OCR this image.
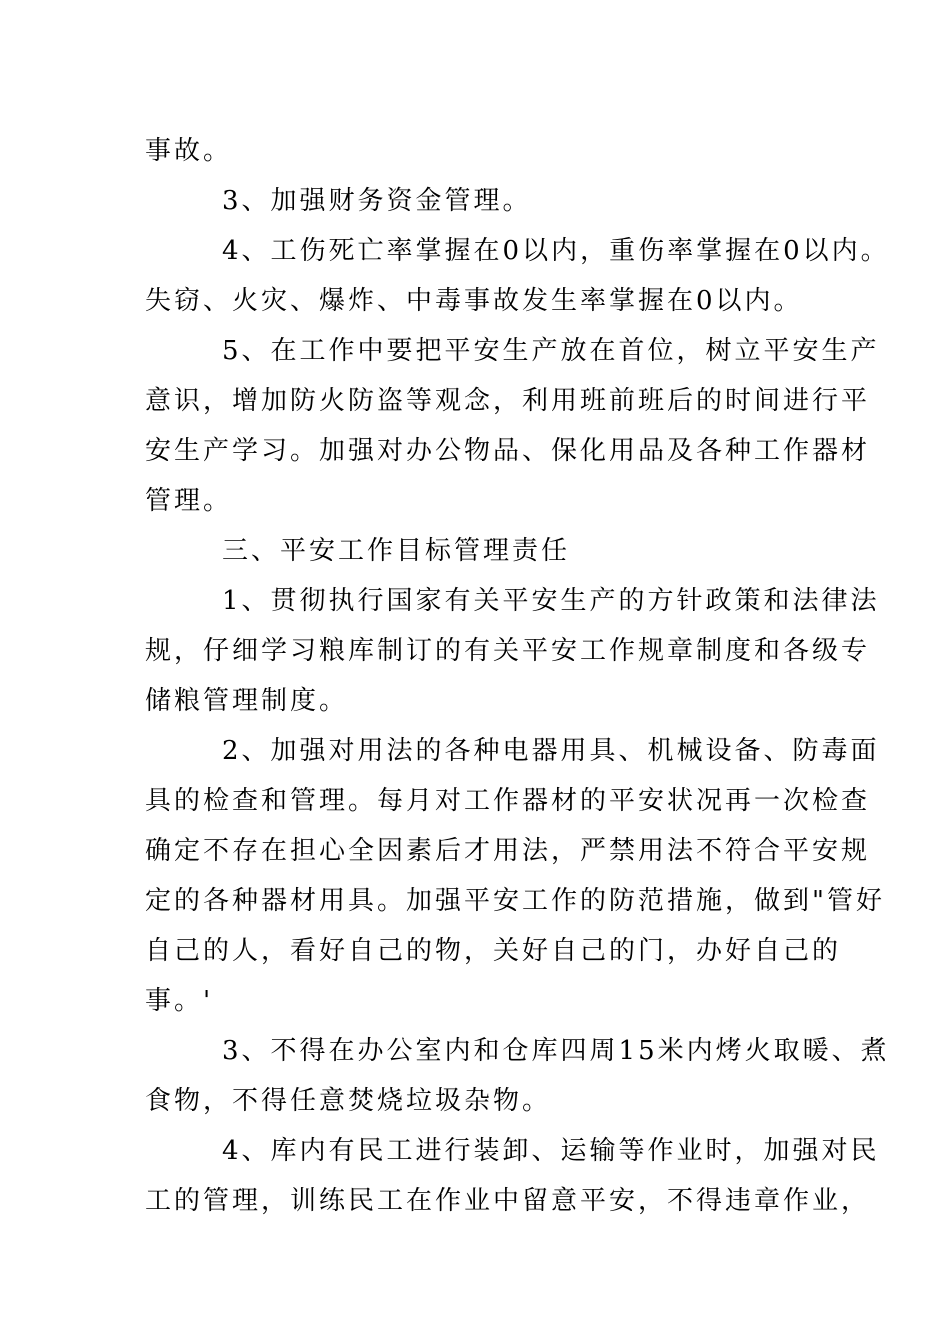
事故。
3、加强财务资金管理。
4、工伤死亡率掌握在0以内，重伤率掌握在0以内。
失窃、火灾、爆炸、中毒事故发生率掌握在0以内。
5、在工作中要把平安生产放在首位，树立平安生产
意识，增加防火防盗等观念，利用班前班后的时间进行平
安生产学习。加强对办公物品、保化用品及各种工作器材
管理。
三、平安工作目标管理责任
1、贯彻执行国家有关平安生产的方针政策和法律法
规，仔细学习粮库制订的有关平安工作规章制度和各级专
储粮管理制度。
2、加强对用法的各种电器用具、机械设备、防毒面
具的检查和管理。每月对工作器材的平安状况再一次检查
确定不存在担心全因素后才用法，严禁用法不符合平安规
定的各种器材用具。加强平安工作的防范措施，做到"管好
自己的人，看好自己的物，关好自己的门，办好自己的
事。'
3、不得在办公室内和仓库四周15米内烤火取暖、煮
食物，不得任意焚烧垃圾杂物。
4、库内有民工进行装卸、运输等作业时，加强对民
工的管理，训练民工在作业中留意平安，不得违章作业，
